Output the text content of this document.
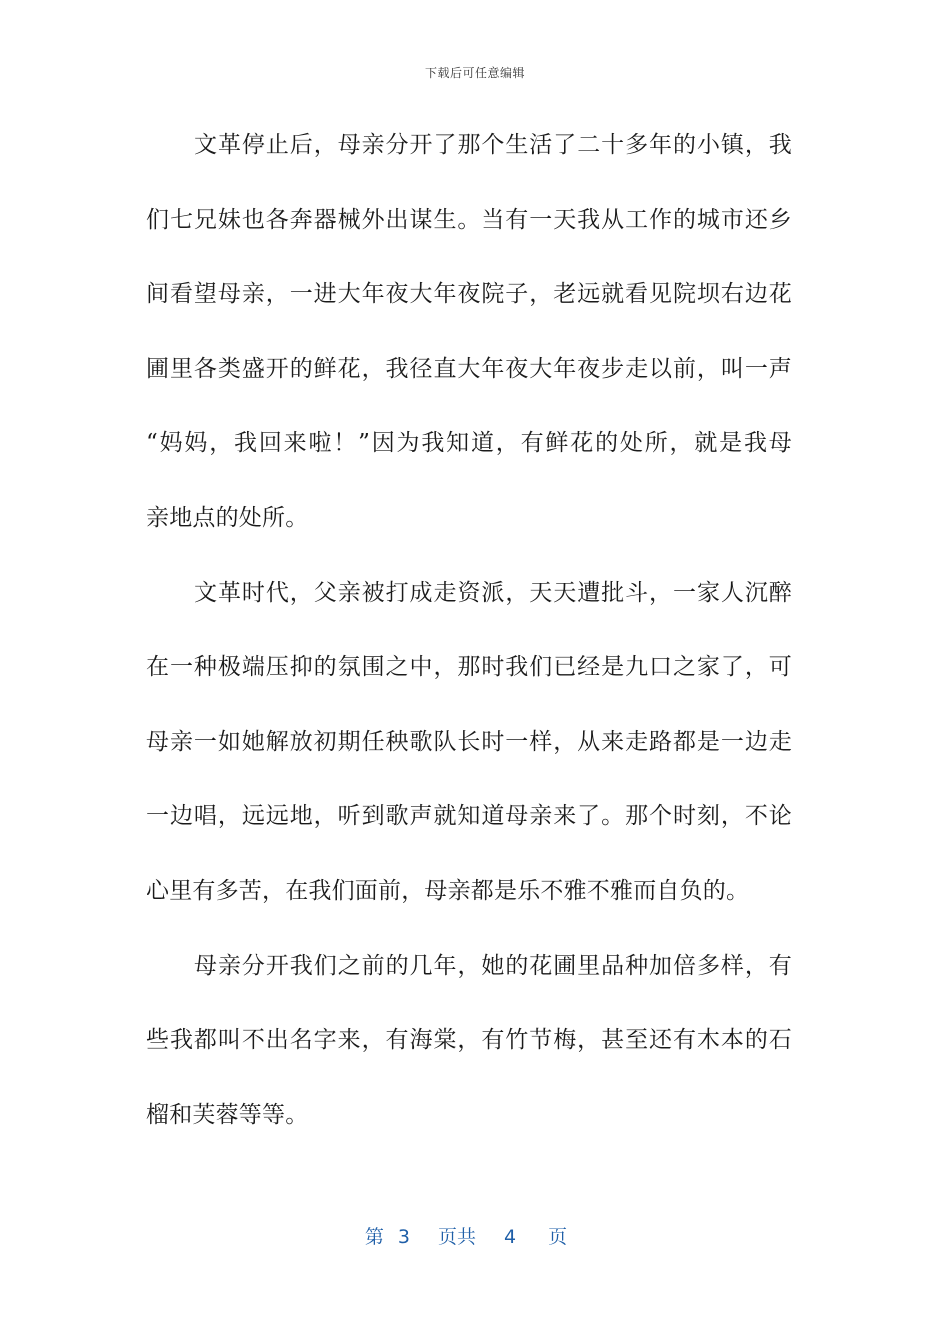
下载后可任意编辑
文革停止后，母亲分开了那个生活了二十多年的小镇，我
们七兄妹也各奔器械外出谋生。当有一天我从工作的城市还乡
间看望母亲，一进大年夜大年夜院子，老远就看见院坝右边花
圃里各类盛开的鲜花，我径直大年夜大年夜步走以前，叫一声
“妈妈，我回来啦！”因为我知道，有鲜花的处所，就是我母
亲地点的处所。
文革时代，父亲被打成走资派，天天遭批斗，一家人沉醉
在一种极端压抑的氛围之中，那时我们已经是九口之家了，可
母亲一如她解放初期任秧歌队长时一样，从来走路都是一边走
一边唱，远远地，听到歌声就知道母亲来了。那个时刻，不论
心里有多苦，在我们面前，母亲都是乐不雅不雅而自负的。
母亲分开我们之前的几年，她的花圃里品种加倍多样，有
些我都叫不出名字来，有海棠，有竹节梅，甚至还有木本的石
榴和芙蓉等等。
第 3 页共 4 页
